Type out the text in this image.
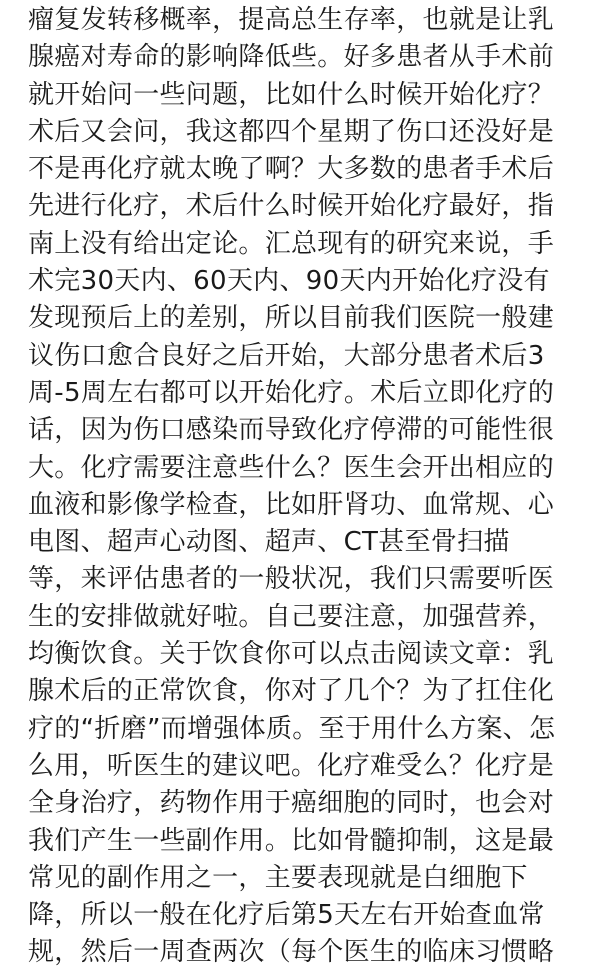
瘤复发转移概率，提高总生存率，也就是让乳
腺癌对寿命的影响降低些。好多患者从手术前
就开始问一些问题，比如什么时候开始化疗？
术后又会问，我这都四个星期了伤口还没好是
不是再化疗就太晚了啊？大多数的患者手术后
先进行化疗，术后什么时候开始化疗最好，指
南上没有给出定论。汇总现有的研究来说，手
术完30天内、60天内、90天内开始化疗没有
发现预后上的差别，所以目前我们医院一般建
议伤口愈合良好之后开始，大部分患者术后3
周-5周左右都可以开始化疗。术后立即化疗的
话，因为伤口感染而导致化疗停滞的可能性很
大。化疗需要注意些什么？医生会开出相应的
血液和影像学检查，比如肝肾功、血常规、心
电图、超声心动图、超声、CT甚至骨扫描
等，来评估患者的一般状况，我们只需要听医
生的安排做就好啦。自己要注意，加强营养，
均衡饮食。关于饮食你可以点击阅读文章：乳
腺术后的正常饮食，你对了几个？为了扛住化
疗的“折磨”而增强体质。至于用什么方案、怎
么用，听医生的建议吧。化疗难受么？化疗是
全身治疗，药物作用于癌细胞的同时，也会对
我们产生一些副作用。比如骨髓抑制，这是最
常见的副作用之一，主要表现就是白细胞下
降，所以一般在化疗后第5天左右开始查血常
规，然后一周查两次（每个医生的临床习惯略
